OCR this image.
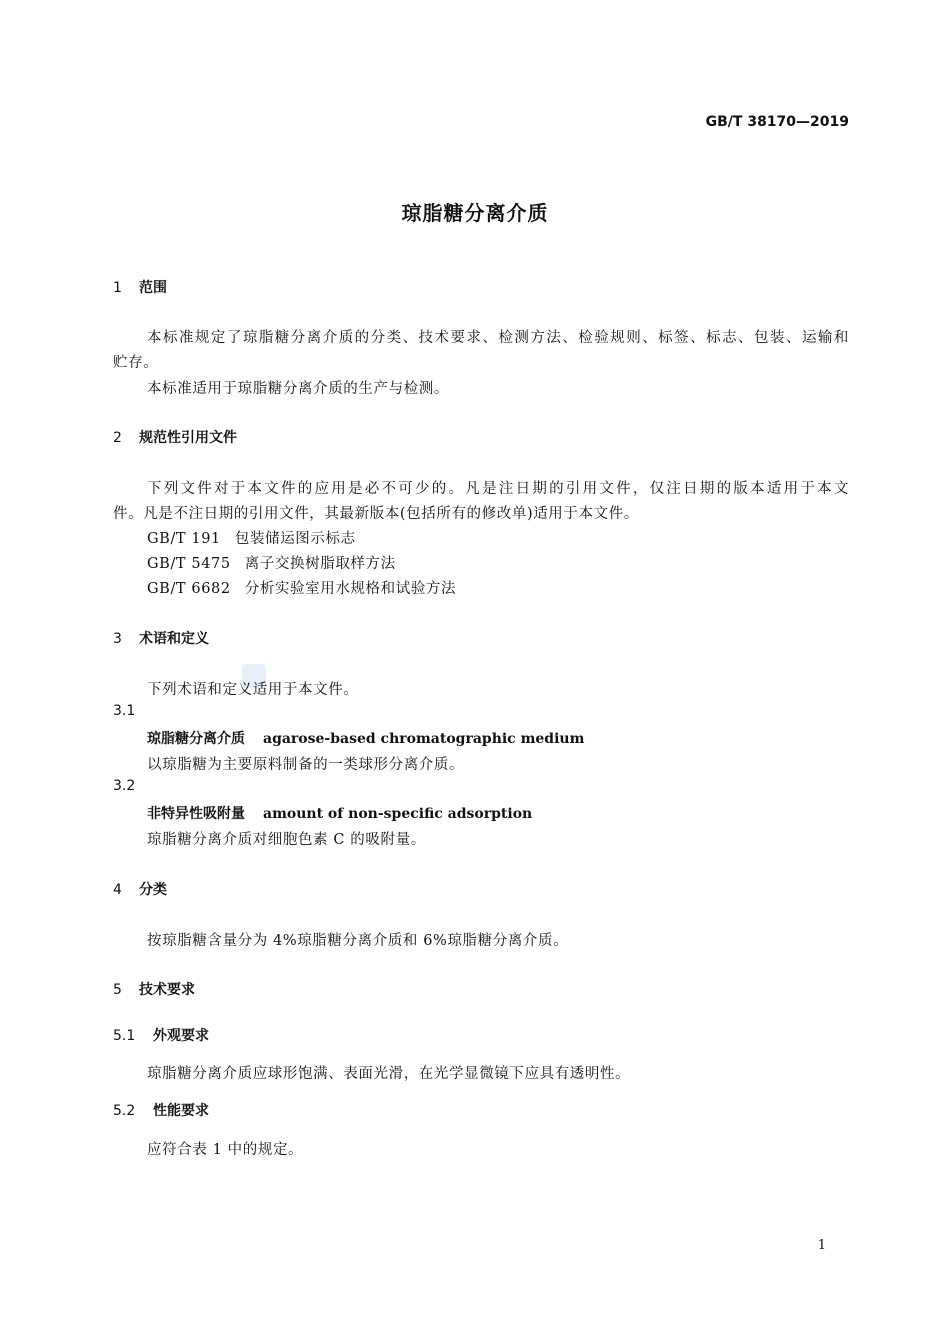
GB/T 38170—2019
琼脂糖分离介质
1 范围
本标准规定了琼脂糖分离介质的分类、技术要求、检测方法、检验规则、标签、标志、包装、运输和
贮存。
本标准适用于琼脂糖分离介质的生产与检测。
2 规范性引用文件
下列文件对于本文件的应用是必不可少的。凡是注日期的引用文件，仅注日期的版本适用于本文
件。凡是不注日期的引用文件，其最新版本(包括所有的修改单)适用于本文件。
GB/T 191 包装储运图示标志
GB/T 5475 离子交换树脂取样方法
GB/T 6682 分析实验室用水规格和试验方法
3 术语和定义
下列术语和定义适用于本文件。
3.1
琼脂糖分离介质 agarose-based chromatographic medium
以琼脂糖为主要原料制备的一类球形分离介质。
3.2
非特异性吸附量 amount of non-specific adsorption
琼脂糖分离介质对细胞色素 C 的吸附量。
4 分类
按琼脂糖含量分为 4%琼脂糖分离介质和 6%琼脂糖分离介质。
5 技术要求
5.1 外观要求
琼脂糖分离介质应球形饱满、表面光滑，在光学显微镜下应具有透明性。
5.2 性能要求
应符合表 1 中的规定。
1
